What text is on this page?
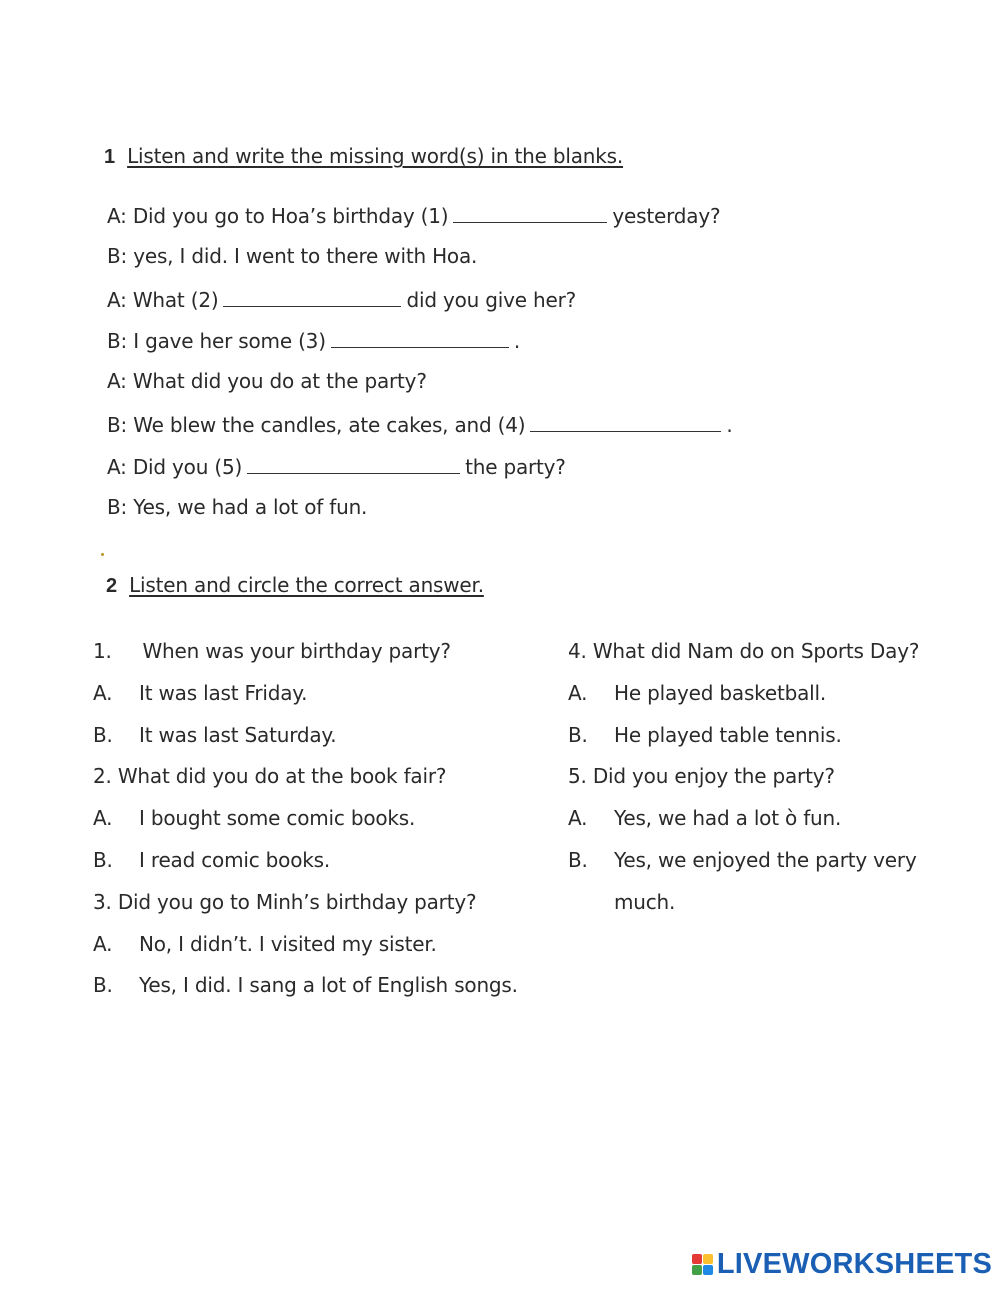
1 Listen and write the missing word(s) in the blanks.
A: Did you go to Hoa’s birthday (1)	yesterday?
B: yes, I did. I went to there with Hoa.
A: What (2)	did you give her?
B: I gave her some (3)	.
A: What did you do at the party?
B: We blew the candles, ate cakes, and (4)	.
A: Did you (5)	the party?
B: Yes, we had a lot of fun.
2 Listen and circle the correct answer.
1.     When was your birthday party?
A. It was last Friday.
B. It was last Saturday.
2. What did you do at the book fair?
A. I bought some comic books.
B. I read comic books.
3. Did you go to Minh’s birthday party?
A. No, I didn’t. I visited my sister.
B. Yes, I did. I sang a lot of English songs.
4. What did Nam do on Sports Day?
A. He played basketball.
B. He played table tennis.
5. Did you enjoy the party?
A. Yes, we had a lot ò fun.
B. Yes, we enjoyed the party very
much.
LIVEWORKSHEETS
